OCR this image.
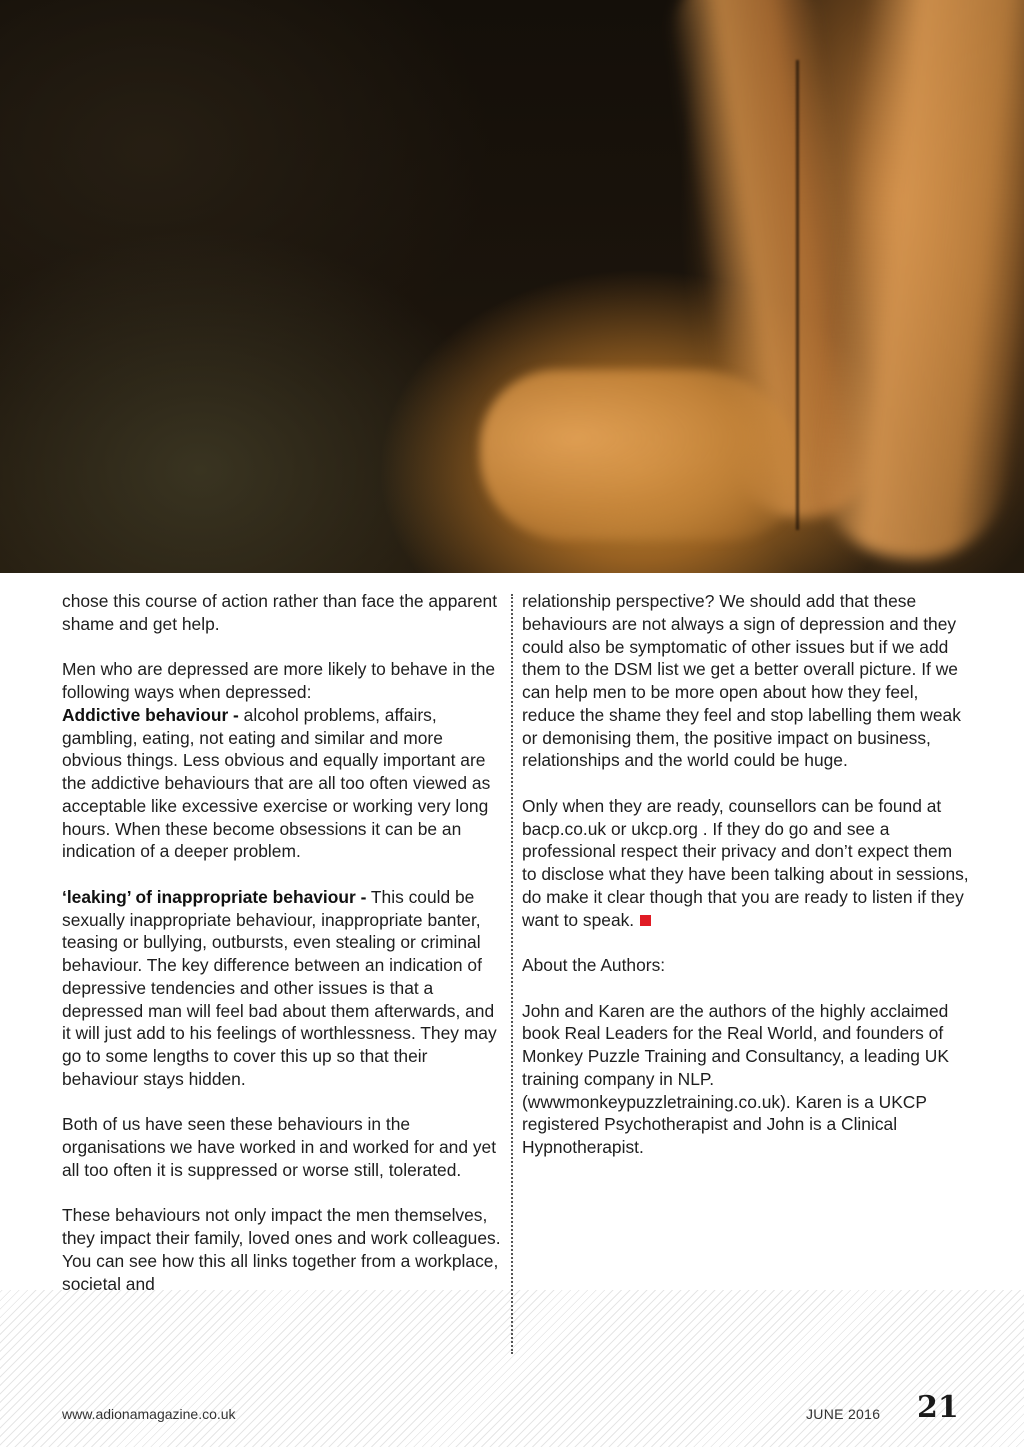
chose this course of action rather than face the apparent shame and get help.

Men who are depressed are more likely to behave in the following ways when depressed:
Addictive behaviour - alcohol problems, affairs, gambling, eating, not eating and similar and more obvious things. Less obvious and equally important are the addictive behaviours that are all too often viewed as acceptable like excessive exercise or working very long hours. When these become obsessions it can be an indication of a deeper problem.

‘leaking’ of inappropriate behaviour - This could be sexually inappropriate behaviour, inappropriate banter, teasing or bullying, outbursts, even stealing or criminal behaviour. The key difference between an indication of depressive tendencies and other issues is that a depressed man will feel bad about them afterwards, and it will just add to his feelings of worthlessness. They may go to some lengths to cover this up so that their behaviour stays hidden.

Both of us have seen these behaviours in the organisations we have worked in and worked for and yet all too often it is suppressed or worse still, tolerated.

These behaviours not only impact the men themselves, they impact their family, loved ones and work colleagues. You can see how this all links together from a workplace, societal and

relationship perspective? We should add that these behaviours are not always a sign of depression and they could also be symptomatic of other issues but if we add them to the DSM list we get a better overall picture. If we can help men to be more open about how they feel, reduce the shame they feel and stop labelling them weak or demonising them, the positive impact on business, relationships and the world could be huge.

Only when they are ready, counsellors can be found at bacp.co.uk or ukcp.org . If they do go and see a professional respect their privacy and don’t expect them to disclose what they have been talking about in sessions, do make it clear though that you are ready to listen if they want to speak.

About the Authors:

John and Karen are the authors of the highly acclaimed book Real Leaders for the Real World, and founders of Monkey Puzzle Training and Consultancy, a leading UK training company in NLP. (wwwmonkeypuzzletraining.co.uk). Karen is a UKCP registered Psychotherapist and John is a Clinical Hypnotherapist.

www.adionamagazine.co.uk	JUNE 2016 21
